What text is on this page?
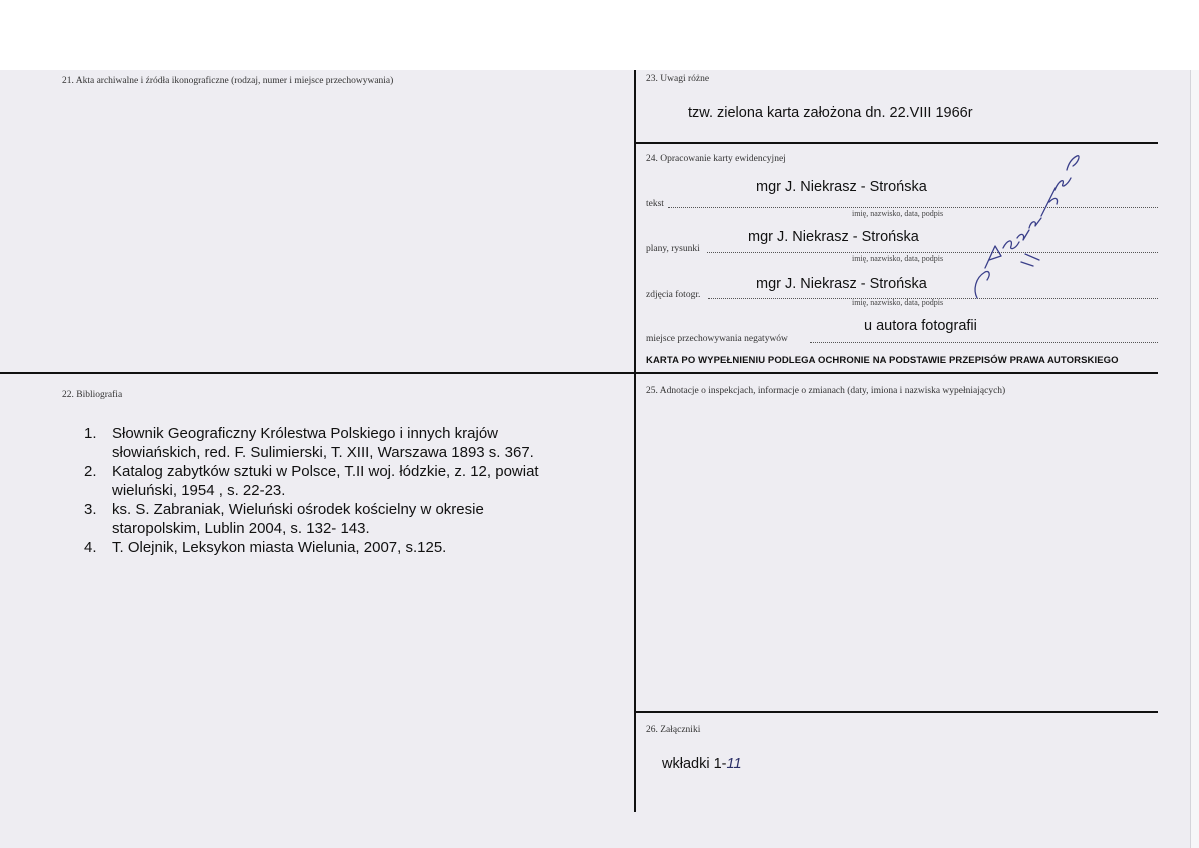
21. Akta archiwalne i źródła ikonograficzne (rodzaj, numer i miejsce przechowywania)	23. Uwagi różne
tzw. zielona karta założona dn. 22.VIII 1966r
24. Opracowanie karty ewidencyjnej
mgr J. Niekrasz - Strońska
tekst
imię, nazwisko, data, podpis
mgr J. Niekrasz - Strońska
plany, rysunki
imię, nazwisko, data, podpis
mgr J. Niekrasz - Strońska
zdjęcia fotogr.
imię, nazwisko, data, podpis
u autora fotografii
miejsce przechowywania negatywów
KARTA PO WYPEŁNIENIU PODLEGA OCHRONIE NA PODSTAWIE PRZEPISÓW PRAWA AUTORSKIEGO
22. Bibliografia
1. Słownik Geograficzny Królestwa Polskiego i innych krajów słowiańskich, red. F. Sulimierski, T. XIII, Warszawa 1893 s. 367.
2. Katalog zabytków sztuki w Polsce, T.II woj. łódzkie, z. 12, powiat wieluński, 1954 , s. 22-23.
3. ks. S. Zabraniak, Wieluński ośrodek kościelny w okresie staropolskim, Lublin 2004, s. 132- 143.
4. T. Olejnik, Leksykon miasta Wielunia, 2007, s.125.
25. Adnotacje o inspekcjach, informacje o zmianach (daty, imiona i nazwiska wypełniających)
26. Załączniki
wkładki 1-11
